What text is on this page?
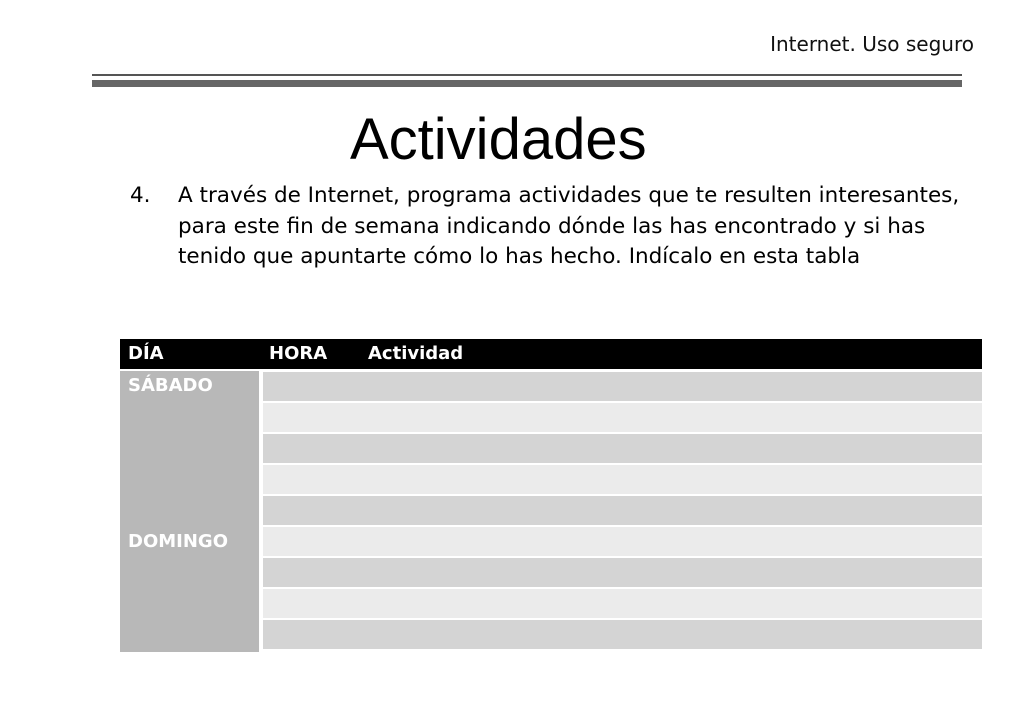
Internet. Uso seguro
Actividades
4.	A través de Internet, programa actividades que te resulten interesantes, para este fin de semana indicando dónde las has encontrado y si has tenido que apuntarte cómo lo has hecho. Indícalo en esta tabla
DÍA	HORA Actividad
SÁBADO
DOMINGO
